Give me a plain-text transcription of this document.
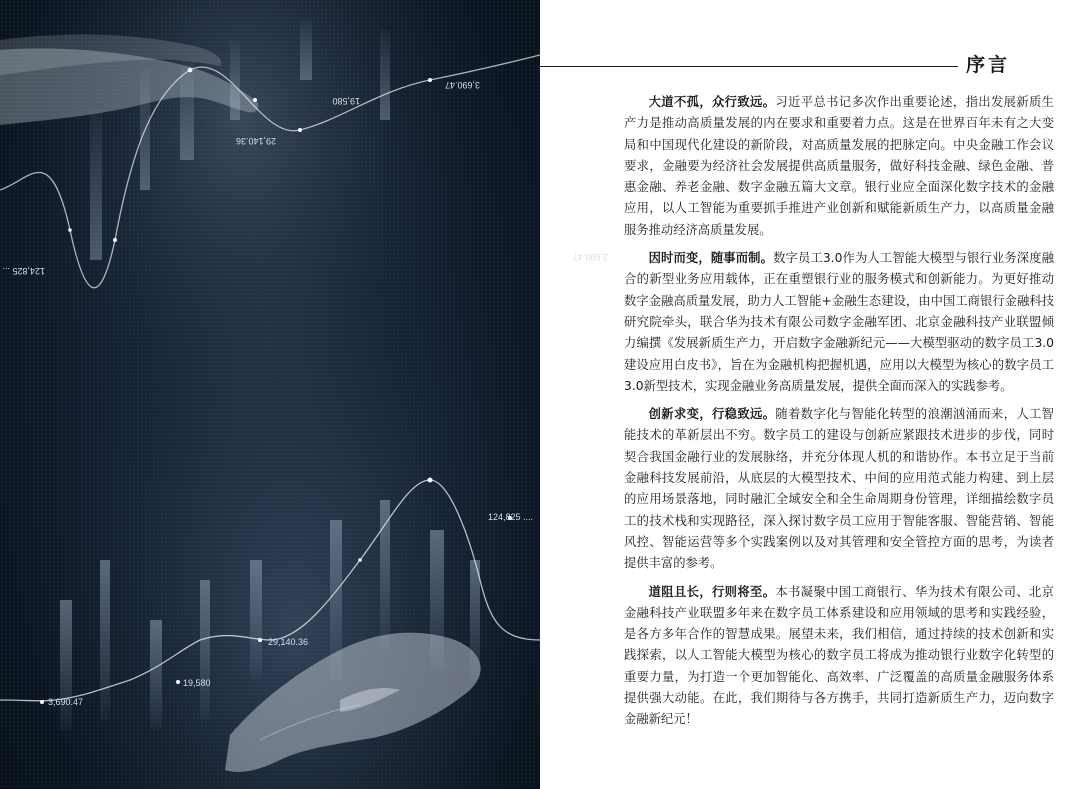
3,690.47
3,690.47
19,580
29,140.36
124,825 ...
124,825 ....
29,140.36
19,580
3,690.47
序言

大道不孤，众行致远。习近平总书记多次作出重要论述，指出发展新质生产力是推动高质量发展的内在要求和重要着力点。这是在世界百年未有之大变局和中国现代化建设的新阶段，对高质量发展的把脉定向。中央金融工作会议要求，金融要为经济社会发展提供高质量服务，做好科技金融、绿色金融、普惠金融、养老金融、数字金融五篇大文章。银行业应全面深化数字技术的金融应用，以人工智能为重要抓手推进产业创新和赋能新质生产力，以高质量金融服务推动经济高质量发展。

因时而变，随事而制。数字员工3.0作为人工智能大模型与银行业务深度融合的新型业务应用载体，正在重塑银行业的服务模式和创新能力。为更好推动数字金融高质量发展，助力人工智能+金融生态建设，由中国工商银行金融科技研究院牵头，联合华为技术有限公司数字金融军团、北京金融科技产业联盟倾力编撰《发展新质生产力，开启数字金融新纪元——大模型驱动的数字员工3.0建设应用白皮书》，旨在为金融机构把握机遇，应用以大模型为核心的数字员工3.0新型技术，实现金融业务高质量发展，提供全面而深入的实践参考。

创新求变，行稳致远。随着数字化与智能化转型的浪潮汹涌而来，人工智能技术的革新层出不穷。数字员工的建设与创新应紧跟技术进步的步伐，同时契合我国金融行业的发展脉络，并充分体现人机的和谐协作。本书立足于当前金融科技发展前沿，从底层的大模型技术、中间的应用范式能力构建、到上层的应用场景落地，同时融汇全域安全和全生命周期身份管理，详细描绘数字员工的技术栈和实现路径，深入探讨数字员工应用于智能客服、智能营销、智能风控、智能运营等多个实践案例以及对其管理和安全管控方面的思考，为读者提供丰富的参考。

道阻且长，行则将至。本书凝聚中国工商银行、华为技术有限公司、北京金融科技产业联盟多年来在数字员工体系建设和应用领域的思考和实践经验，是各方多年合作的智慧成果。展望未来，我们相信，通过持续的技术创新和实践探索，以人工智能大模型为核心的数字员工将成为推动银行业数字化转型的重要力量，为打造一个更加智能化、高效率、广泛覆盖的高质量金融服务体系提供强大动能。在此，我们期待与各方携手，共同打造新质生产力，迈向数字金融新纪元！
